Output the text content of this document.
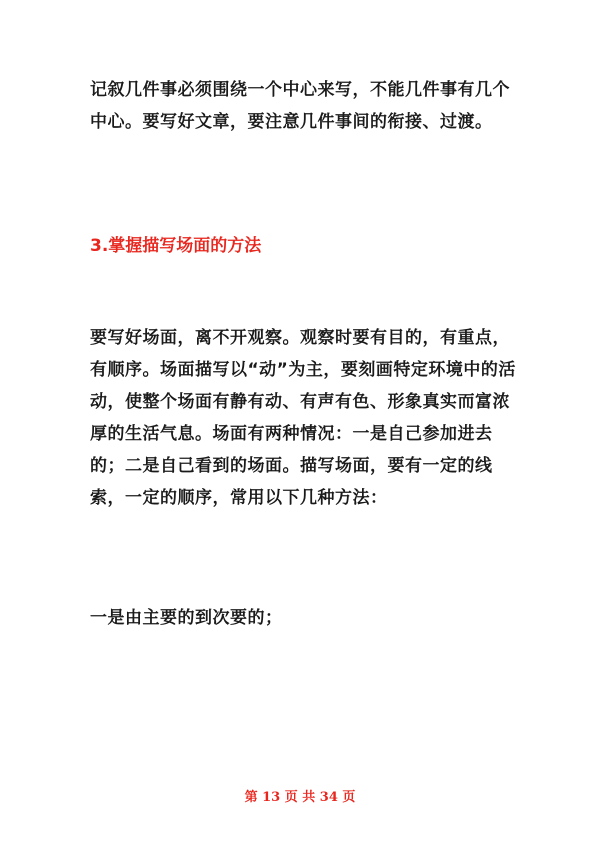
记叙几件事必须围绕一个中心来写，不能几件事有几个中心。要写好文章，要注意几件事间的衔接、过渡。

3.掌握描写场面的方法

要写好场面，离不开观察。观察时要有目的，有重点，有顺序。场面描写以“动”为主，要刻画特定环境中的活动，使整个场面有静有动、有声有色、形象真实而富浓厚的生活气息。场面有两种情况：一是自己参加进去的；二是自己看到的场面。描写场面，要有一定的线索，一定的顺序，常用以下几种方法：

一是由主要的到次要的；

第 13 页 共 34 页
